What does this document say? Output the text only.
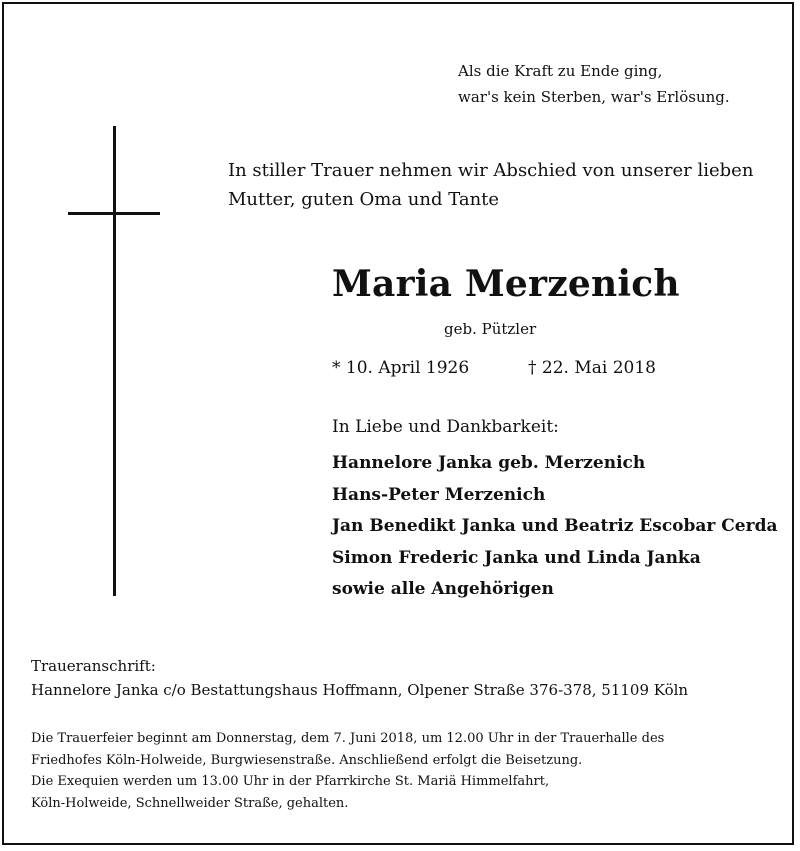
Als die Kraft zu Ende ging,
war's kein Sterben, war's Erlösung.
In stiller Trauer nehmen wir Abschied von unserer lieben
Mutter, guten Oma und Tante
Maria Merzenich
geb. Pützler
* 10. April 1926	† 22. Mai 2018
In Liebe und Dankbarkeit:
Hannelore Janka geb. Merzenich
Hans-Peter Merzenich
Jan Benedikt Janka und Beatriz Escobar Cerda
Simon Frederic Janka und Linda Janka
sowie alle Angehörigen
Traueranschrift:
Hannelore Janka c/o Bestattungshaus Hoffmann, Olpener Straße 376-378, 51109 Köln
Die Trauerfeier beginnt am Donnerstag, dem 7. Juni 2018, um 12.00 Uhr in der Trauerhalle des
Friedhofes Köln-Holweide, Burgwiesenstraße. Anschließend erfolgt die Beisetzung.
Die Exequien werden um 13.00 Uhr in der Pfarrkirche St. Mariä Himmelfahrt,
Köln-Holweide, Schnellweider Straße, gehalten.
